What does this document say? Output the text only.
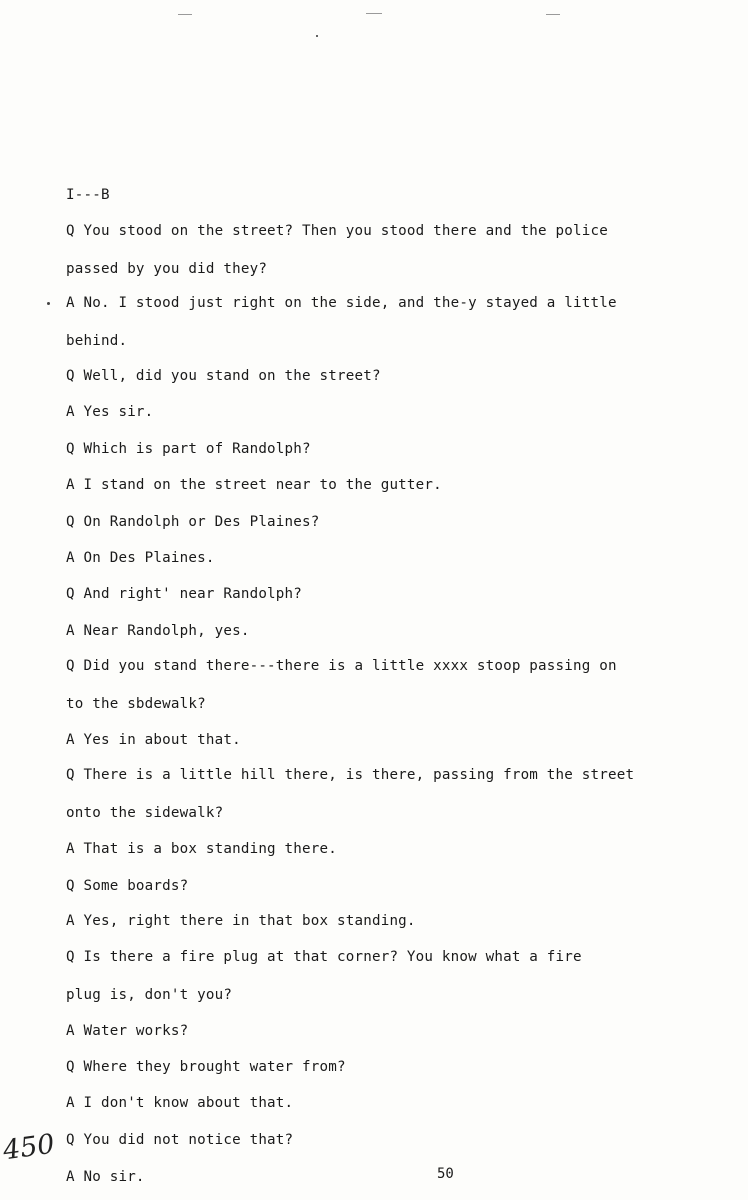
I---B

Q You stood on the street? Then you stood there and the police

passed by you did they?

A No. I stood just right on the side, and the-y stayed a little

behind.

Q Well, did you stand on the street?

A Yes sir.

Q Which is part of Randolph?

A I stand on the street near to the gutter.

Q On Randolph or Des Plaines?

A On Des Plaines.

Q And right' near Randolph?

A Near Randolph, yes.

Q Did you stand there---there is a little xxxx stoop passing on

to the sbdewalk?

A Yes in about that.

Q There is a little hill there, is there, passing from the street

onto the sidewalk?

A That is a box standing there.

Q Some boards?

A Yes, right there in that box standing.

Q Is there a fire plug at that corner? You know what a fire

plug is, don't you?

A Water works?

Q Where they brought water from?

A I don't know about that.

Q You did not notice that?

A No sir.	50

450
